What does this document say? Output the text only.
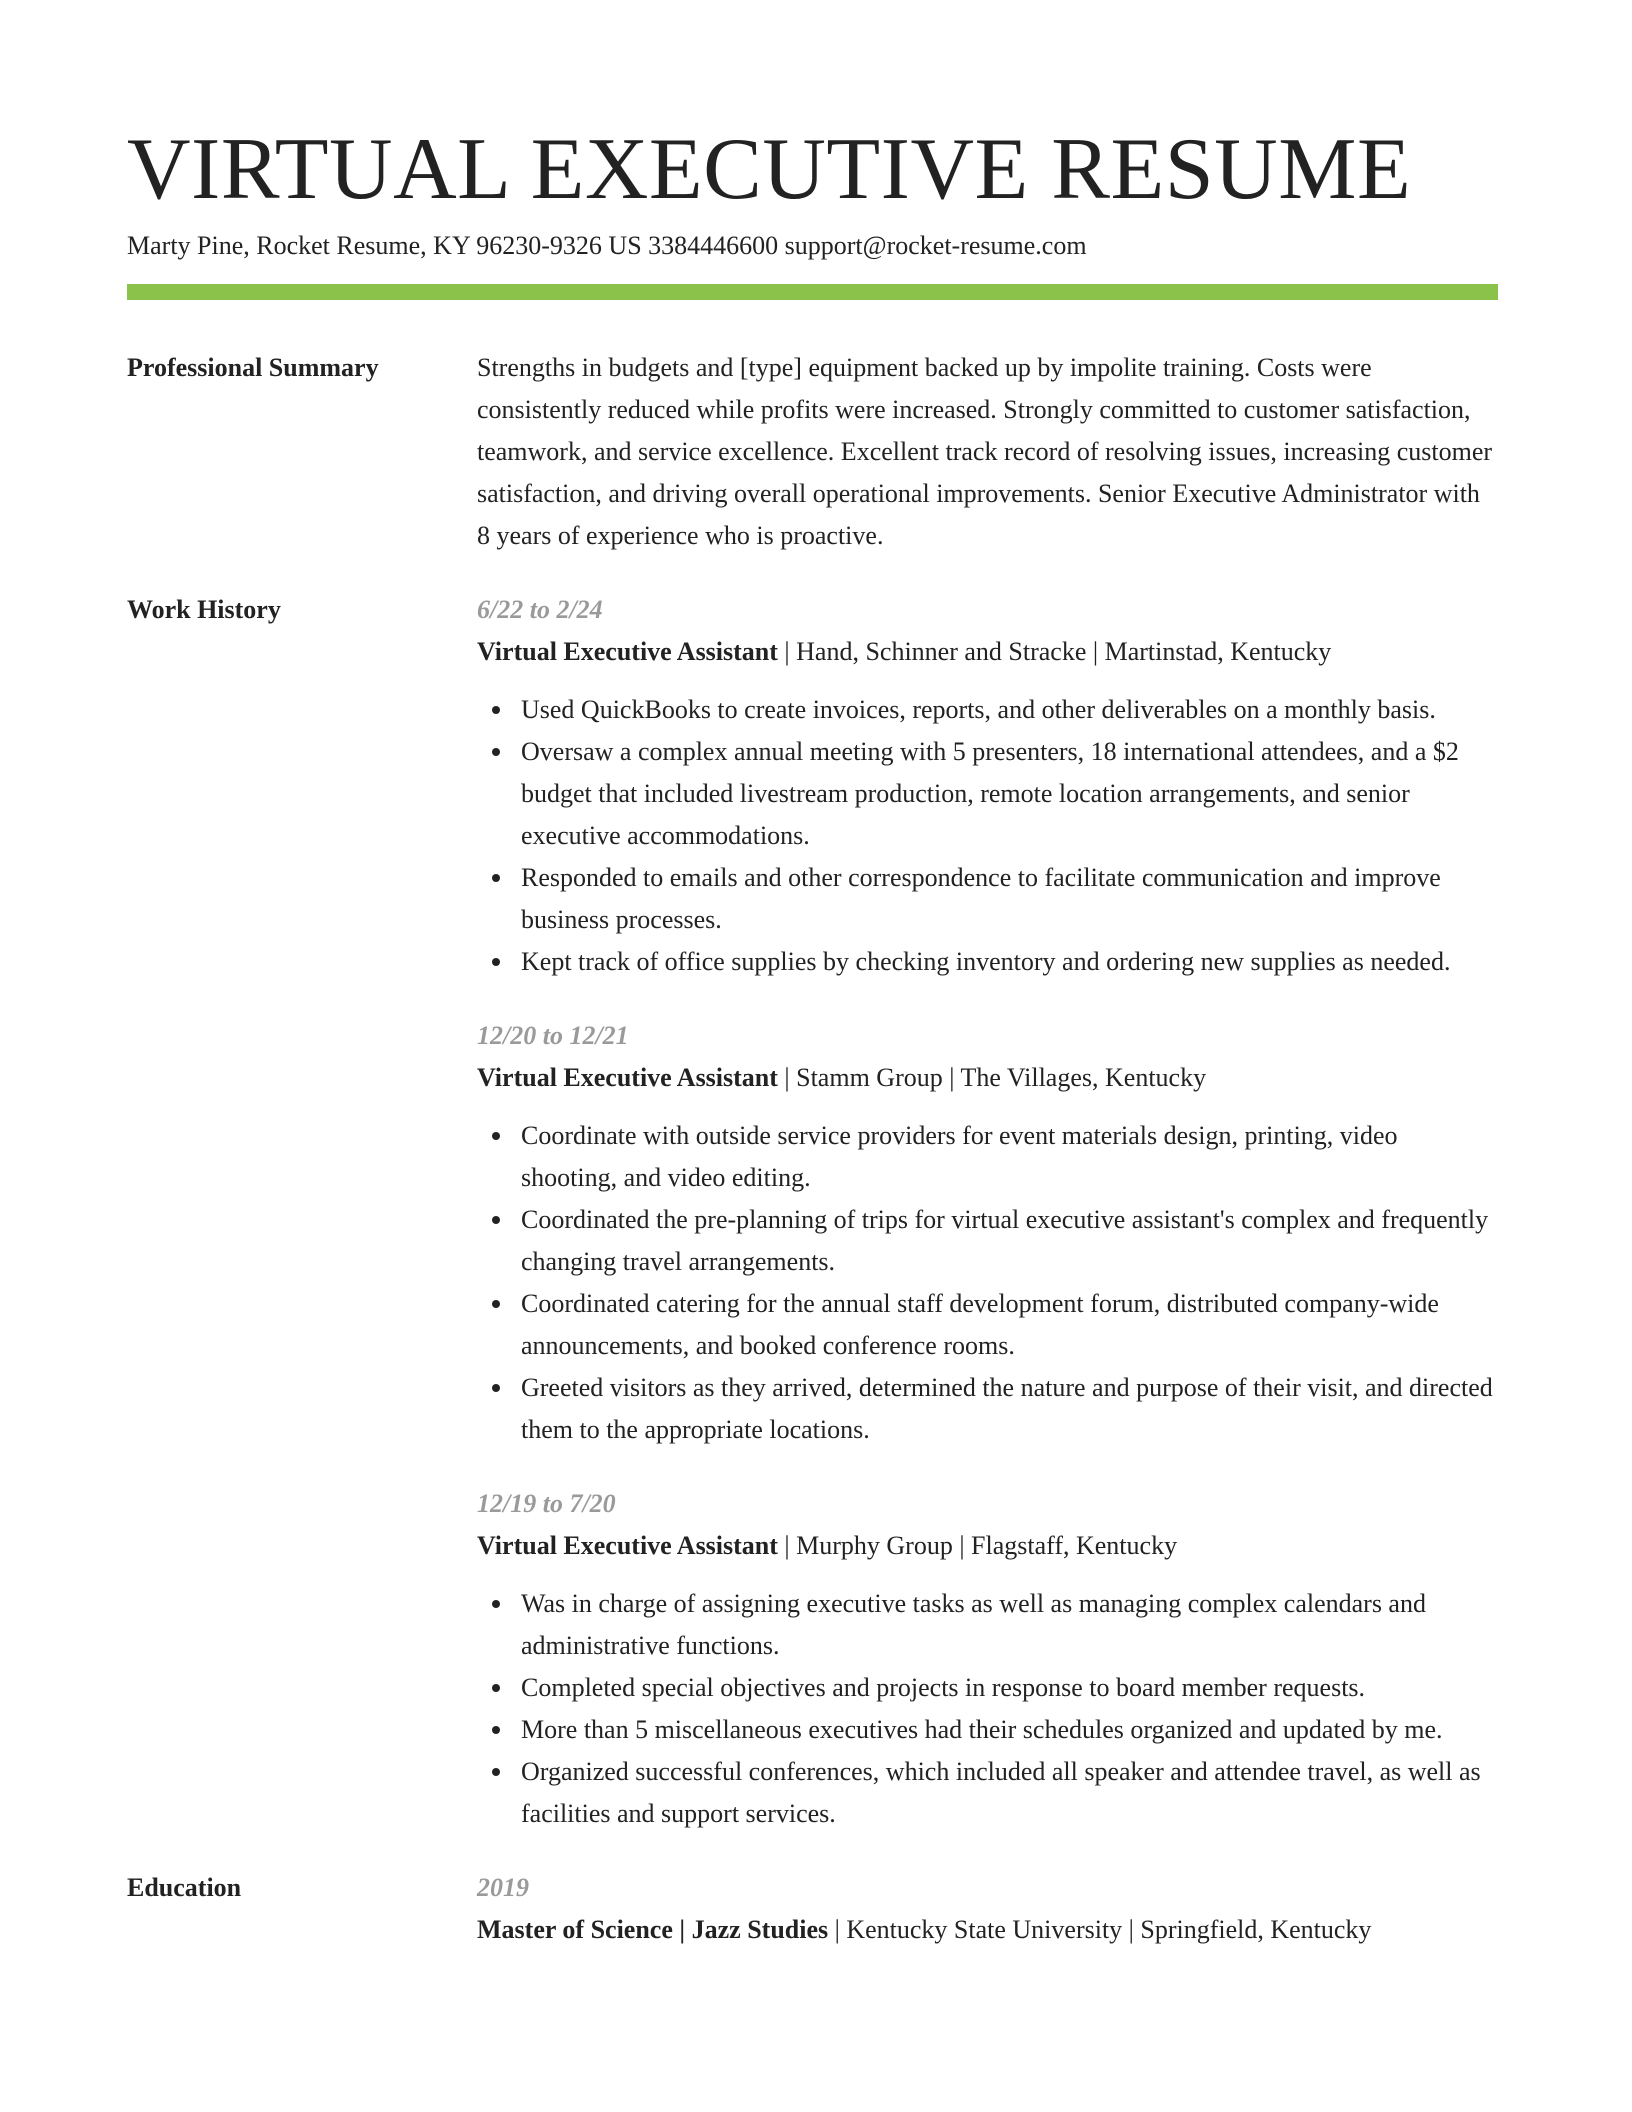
VIRTUAL EXECUTIVE RESUME
Marty Pine, Rocket Resume, KY 96230-9326 US 3384446600 support@rocket-resume.com
Professional Summary	Strengths in budgets and [type] equipment backed up by impolite training. Costs were consistently reduced while profits were increased. Strongly committed to customer satisfaction, teamwork, and service excellence. Excellent track record of resolving issues, increasing customer satisfaction, and driving overall operational improvements. Senior Executive Administrator with 8 years of experience who is proactive.
Work History	6/22 to 2/24
Virtual Executive Assistant | Hand, Schinner and Stracke | Martinstad, Kentucky
Used QuickBooks to create invoices, reports, and other deliverables on a monthly basis.
Oversaw a complex annual meeting with 5 presenters, 18 international attendees, and a $2 budget that included livestream production, remote location arrangements, and senior executive accommodations.
Responded to emails and other correspondence to facilitate communication and improve business processes.
Kept track of office supplies by checking inventory and ordering new supplies as needed.
12/20 to 12/21
Virtual Executive Assistant | Stamm Group | The Villages, Kentucky
Coordinate with outside service providers for event materials design, printing, video shooting, and video editing.
Coordinated the pre-planning of trips for virtual executive assistant's complex and frequently changing travel arrangements.
Coordinated catering for the annual staff development forum, distributed company-wide announcements, and booked conference rooms.
Greeted visitors as they arrived, determined the nature and purpose of their visit, and directed them to the appropriate locations.
12/19 to 7/20
Virtual Executive Assistant | Murphy Group | Flagstaff, Kentucky
Was in charge of assigning executive tasks as well as managing complex calendars and administrative functions.
Completed special objectives and projects in response to board member requests.
More than 5 miscellaneous executives had their schedules organized and updated by me.
Organized successful conferences, which included all speaker and attendee travel, as well as facilities and support services.
Education	2019
Master of Science | Jazz Studies | Kentucky State University | Springfield, Kentucky
